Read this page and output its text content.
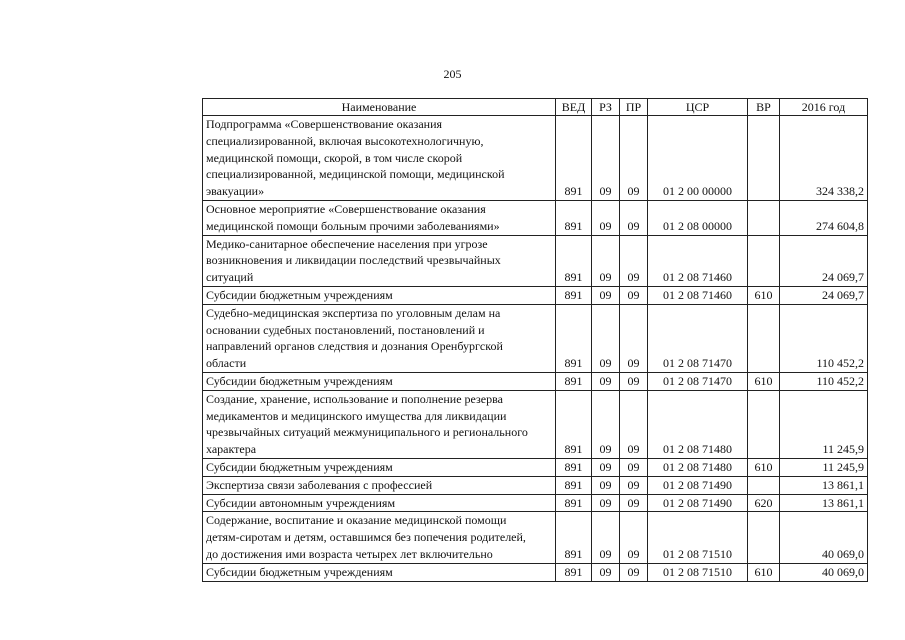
205
Наименование	ВЕД	РЗ	ПР	ЦСР	ВР	2016 год

Подпрограмма «Совершенствование оказания
специализированной, включая высокотехнологичную,
медицинской помощи, скорой, в том числе скорой
специализированной, медицинской помощи, медицинской
эвакуации»	891	09	09	01 2 00 00000		324 338,2

Основное мероприятие «Совершенствование оказания
медицинской помощи больным прочими заболеваниями»	891	09	09	01 2 08 00000		274 604,8

Медико-санитарное обеспечение населения при угрозе
возникновения и ликвидации последствий чрезвычайных
ситуаций	891	09	09	01 2 08 71460		24 069,7

Субсидии бюджетным учреждениям	891	09	09	01 2 08 71460	610	24 069,7

Судебно-медицинская экспертиза по уголовным делам на
основании судебных постановлений, постановлений и
направлений органов следствия и дознания Оренбургской
области	891	09	09	01 2 08 71470		110 452,2

Субсидии бюджетным учреждениям	891	09	09	01 2 08 71470	610	110 452,2

Создание, хранение, использование и пополнение резерва
медикаментов и медицинского имущества для ликвидации
чрезвычайных ситуаций межмуниципального и регионального
характера	891	09	09	01 2 08 71480		11 245,9

Субсидии бюджетным учреждениям	891	09	09	01 2 08 71480	610	11 245,9

Экспертиза связи заболевания с профессией	891	09	09	01 2 08 71490		13 861,1

Субсидии автономным учреждениям	891	09	09	01 2 08 71490	620	13 861,1

Содержание, воспитание и оказание медицинской помощи
детям-сиротам и детям, оставшимся без попечения родителей,
до достижения ими возраста четырех лет включительно	891	09	09	01 2 08 71510		40 069,0

Субсидии бюджетным учреждениям	891	09	09	01 2 08 71510	610	40 069,0
